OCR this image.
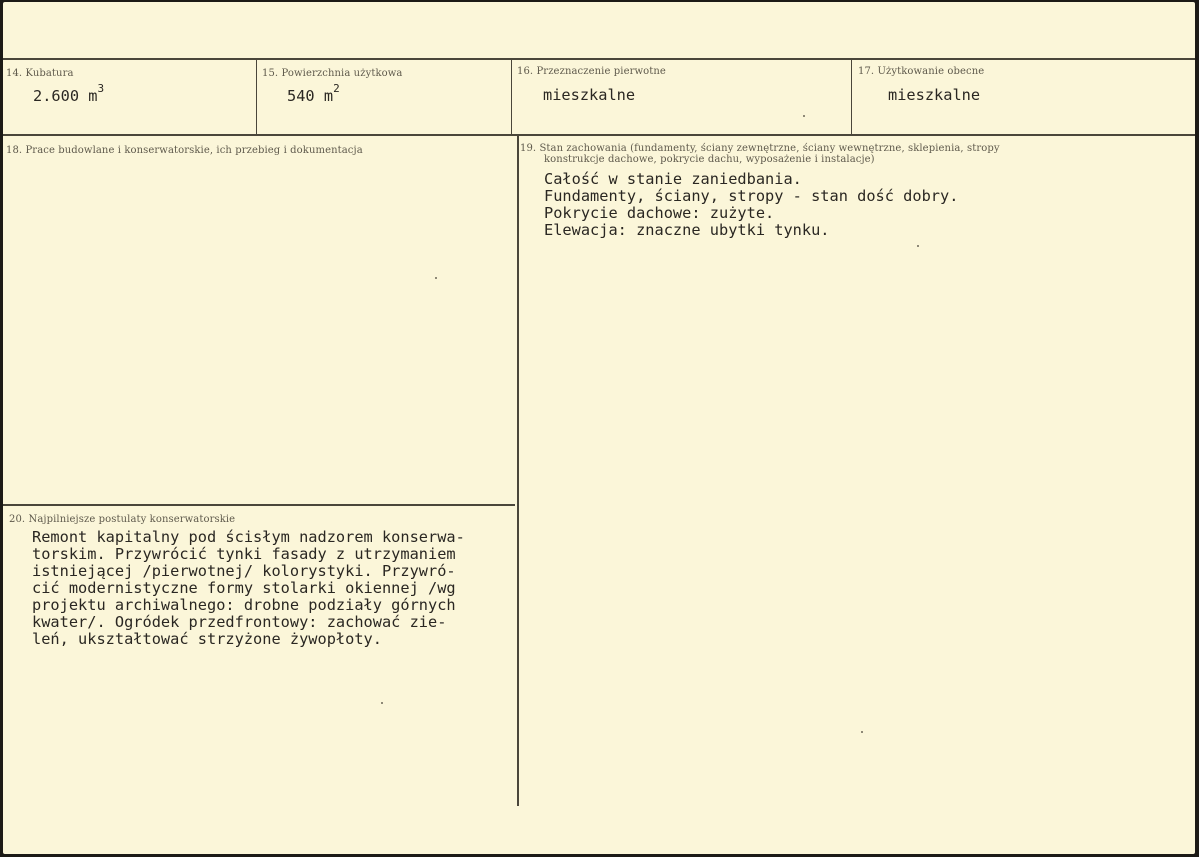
14. Kubatura
2.600 $m^3$
15. Powierzchnia użytkowa
540 $m^2$
16. Przeznaczenie pierwotne
mieszkalne
17. Użytkowanie obecne
mieszkalne
18. Prace budowlane i konserwatorskie, ich przebieg i dokumentacja	19. Stan zachowania (fundamenty, ściany zewnętrzne, ściany wewnętrzne, sklepienia, stropy
konstrukcje dachowe, pokrycie dachu, wyposażenie i instalacje)
Całość w stanie zaniedbania.
Fundamenty, ściany, stropy - stan dość dobry.
Pokrycie dachowe: zużyte.
Elewacja: znaczne ubytki tynku.
20. Najpilniejsze postulaty konserwatorskie
Remont kapitalny pod ścisłym nadzorem konserwa-
torskim. Przywrócić tynki fasady z utrzymaniem
istniejącej /pierwotnej/ kolorystyki. Przywró-
cić modernistyczne formy stolarki okiennej /wg
projektu archiwalnego: drobne podziały górnych
kwater/. Ogródek przedfrontowy: zachować zie-
leń, ukształtować strzyżone żywopłoty.
